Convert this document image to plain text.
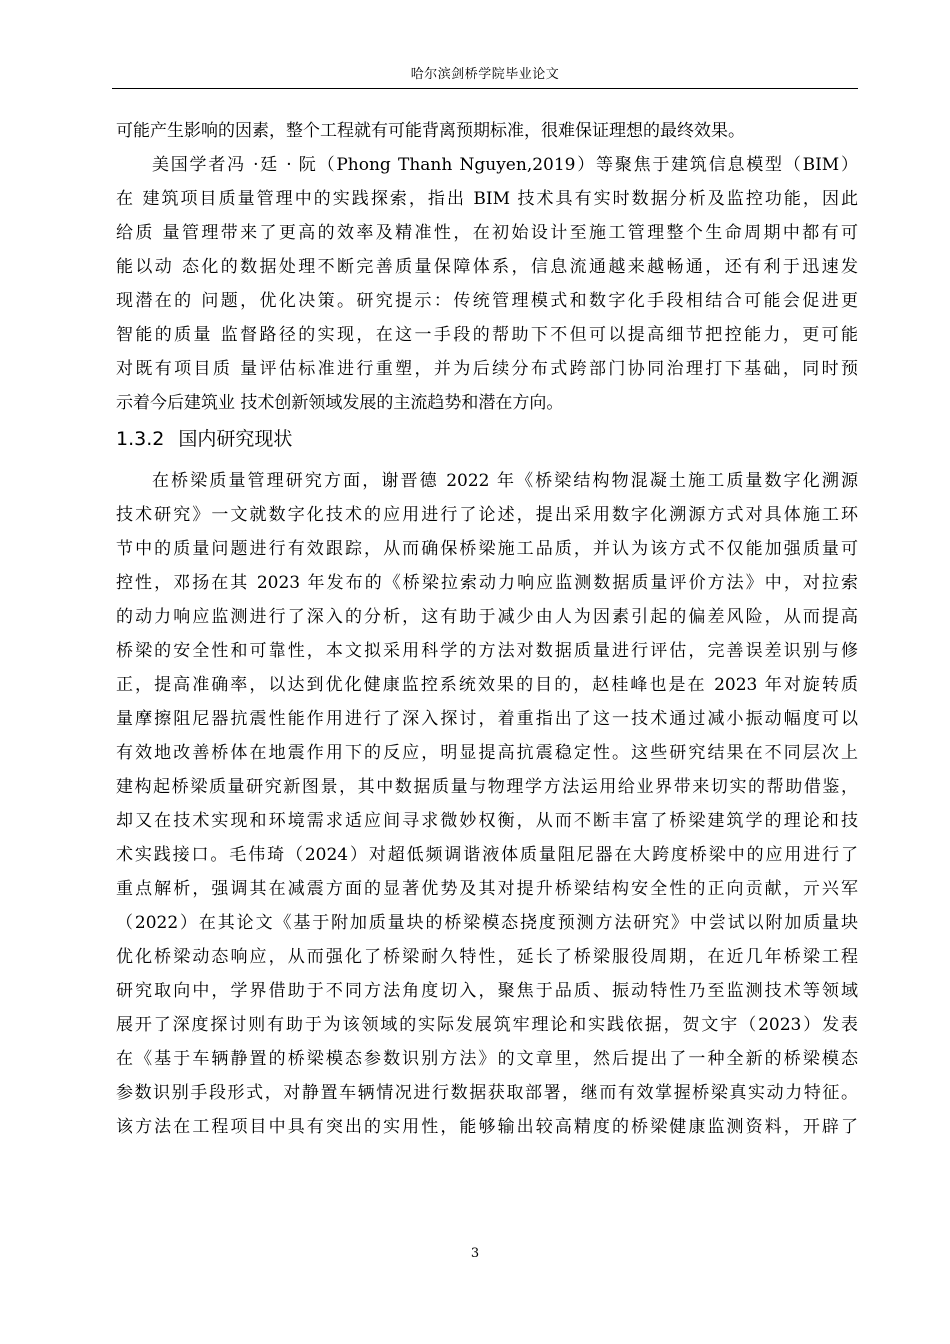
哈尔滨剑桥学院毕业论文
可能产生影响的因素，整个工程就有可能背离预期标准，很难保证理想的最终效果。
美国学者冯 ·廷 · 阮（Phong Thanh Nguyen,2019）等聚焦于建筑信息模型（BIM）
在 建筑项目质量管理中的实践探索，指出 BIM 技术具有实时数据分析及监控功能，因此
给质 量管理带来了更高的效率及精准性，在初始设计至施工管理整个生命周期中都有可
能以动 态化的数据处理不断完善质量保障体系，信息流通越来越畅通，还有利于迅速发
现潜在的 问题，优化决策。研究提示：传统管理模式和数字化手段相结合可能会促进更
智能的质量 监督路径的实现，在这一手段的帮助下不但可以提高细节把控能力，更可能
对既有项目质 量评估标准进行重塑，并为后续分布式跨部门协同治理打下基础，同时预
示着今后建筑业 技术创新领域发展的主流趋势和潜在方向。
1.3.2 国内研究现状
在桥梁质量管理研究方面，谢晋德 2022 年《桥梁结构物混凝土施工质量数字化溯源
技术研究》一文就数字化技术的应用进行了论述，提出采用数字化溯源方式对具体施工环
节中的质量问题进行有效跟踪，从而确保桥梁施工品质，并认为该方式不仅能加强质量可
控性，邓扬在其 2023 年发布的《桥梁拉索动力响应监测数据质量评价方法》中，对拉索
的动力响应监测进行了深入的分析，这有助于减少由人为因素引起的偏差风险，从而提高
桥梁的安全性和可靠性，本文拟采用科学的方法对数据质量进行评估，完善误差识别与修
正，提高准确率，以达到优化健康监控系统效果的目的，赵桂峰也是在 2023 年对旋转质
量摩擦阻尼器抗震性能作用进行了深入探讨，着重指出了这一技术通过减小振动幅度可以
有效地改善桥体在地震作用下的反应，明显提高抗震稳定性。这些研究结果在不同层次上
建构起桥梁质量研究新图景，其中数据质量与物理学方法运用给业界带来切实的帮助借鉴，
却又在技术实现和环境需求适应间寻求微妙权衡，从而不断丰富了桥梁建筑学的理论和技
术实践接口。毛伟琦（2024）对超低频调谐液体质量阻尼器在大跨度桥梁中的应用进行了
重点解析，强调其在减震方面的显著优势及其对提升桥梁结构安全性的正向贡献，亓兴军
（2022）在其论文《基于附加质量块的桥梁模态挠度预测方法研究》中尝试以附加质量块
优化桥梁动态响应，从而强化了桥梁耐久特性，延长了桥梁服役周期，在近几年桥梁工程
研究取向中，学界借助于不同方法角度切入，聚焦于品质、振动特性乃至监测技术等领域
展开了深度探讨则有助于为该领域的实际发展筑牢理论和实践依据，贺文宇（2023）发表
在《基于车辆静置的桥梁模态参数识别方法》的文章里，然后提出了一种全新的桥梁模态
参数识别手段形式，对静置车辆情况进行数据获取部署，继而有效掌握桥梁真实动力特征。
该方法在工程项目中具有突出的实用性，能够输出较高精度的桥梁健康监测资料，开辟了
3
